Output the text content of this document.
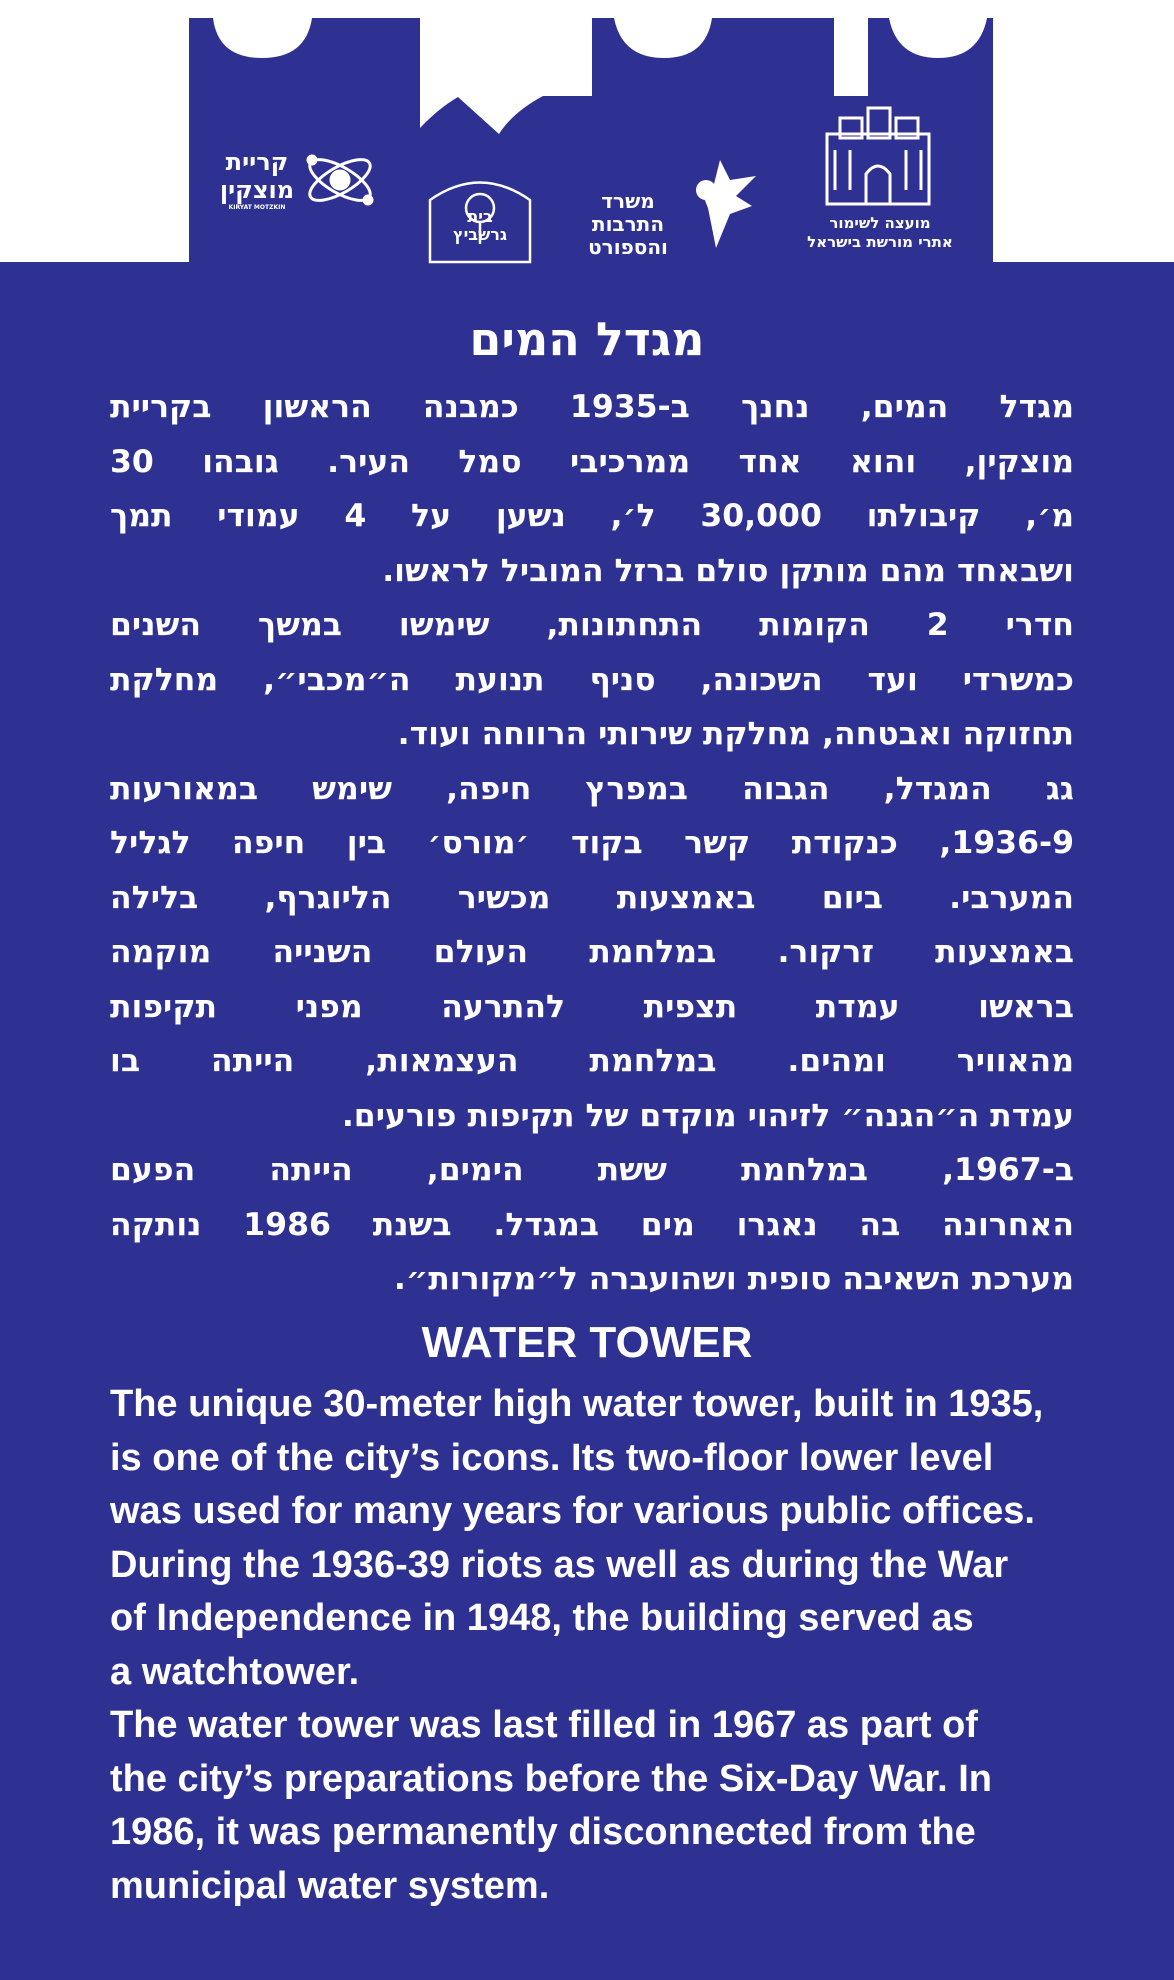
מועצה לשימור
אתרי מורשת בישראל
משרד
התרבות
והספורט
בית
גרשביץ
קריית
מוצקין
KIRYAT MOTZKIN
מגדל המים
מגדל המים, נחנך ב-1935 כמבנה הראשון בקריית
מוצקין, והוא אחד ממרכיבי סמל העיר. גובהו 30
מ׳, קיבולתו 30,000 ל׳, נשען על 4 עמודי תמך
ושבאחד מהם מותקן סולם ברזל המוביל לראשו.
חדרי 2 הקומות התחתונות, שימשו במשך השנים
כמשרדי ועד השכונה, סניף תנועת ה״מכבי״, מחלקת
תחזוקה ואבטחה, מחלקת שירותי הרווחה ועוד.
גג המגדל, הגבוה במפרץ חיפה, שימש במאורעות
1936-9, כנקודת קשר בקוד ׳מורס׳ בין חיפה לגליל
המערבי. ביום באמצעות מכשיר הליוגרף, בלילה
באמצעות זרקור. במלחמת העולם השנייה מוקמה
בראשו עמדת תצפית להתרעה מפני תקיפות
מהאוויר ומהים. במלחמת העצמאות, הייתה בו
עמדת ה״הגנה״ לזיהוי מוקדם של תקיפות פורעים.
ב-1967, במלחמת ששת הימים, הייתה הפעם
האחרונה בה נאגרו מים במגדל. בשנת 1986 נותקה
מערכת השאיבה סופית ושהועברה ל״מקורות״.
WATER TOWER
The unique 30-meter high water tower, built in 1935,
is one of the city’s icons. Its two-floor lower level
was used for many years for various public offices.
During the 1936-39 riots as well as during the War
of Independence in 1948, the building served as
a watchtower.
The water tower was last filled in 1967 as part of
the city’s preparations before the Six-Day War. In
1986, it was permanently disconnected from the
municipal water system.
